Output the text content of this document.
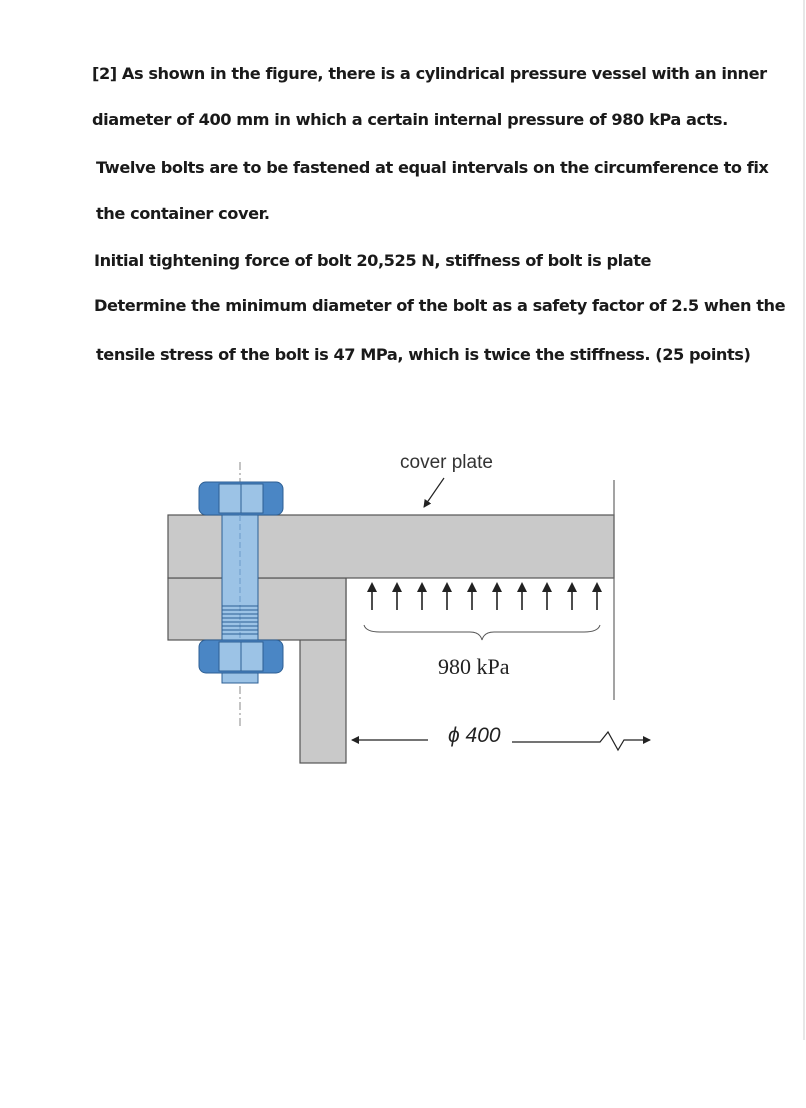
[2] As shown in the figure, there is a cylindrical pressure vessel with an inner
diameter of 400 mm in which a certain internal pressure of 980 kPa acts.
Twelve bolts are to be fastened at equal intervals on the circumference to fix
the container cover.
Initial tightening force of bolt 20,525 N, stiffness of bolt is plate
Determine the minimum diameter of the bolt as a safety factor of 2.5 when the
tensile stress of the bolt is 47 MPa, which is twice the stiffness. (25 points)
cover plate
980 kPa
ϕ 400
